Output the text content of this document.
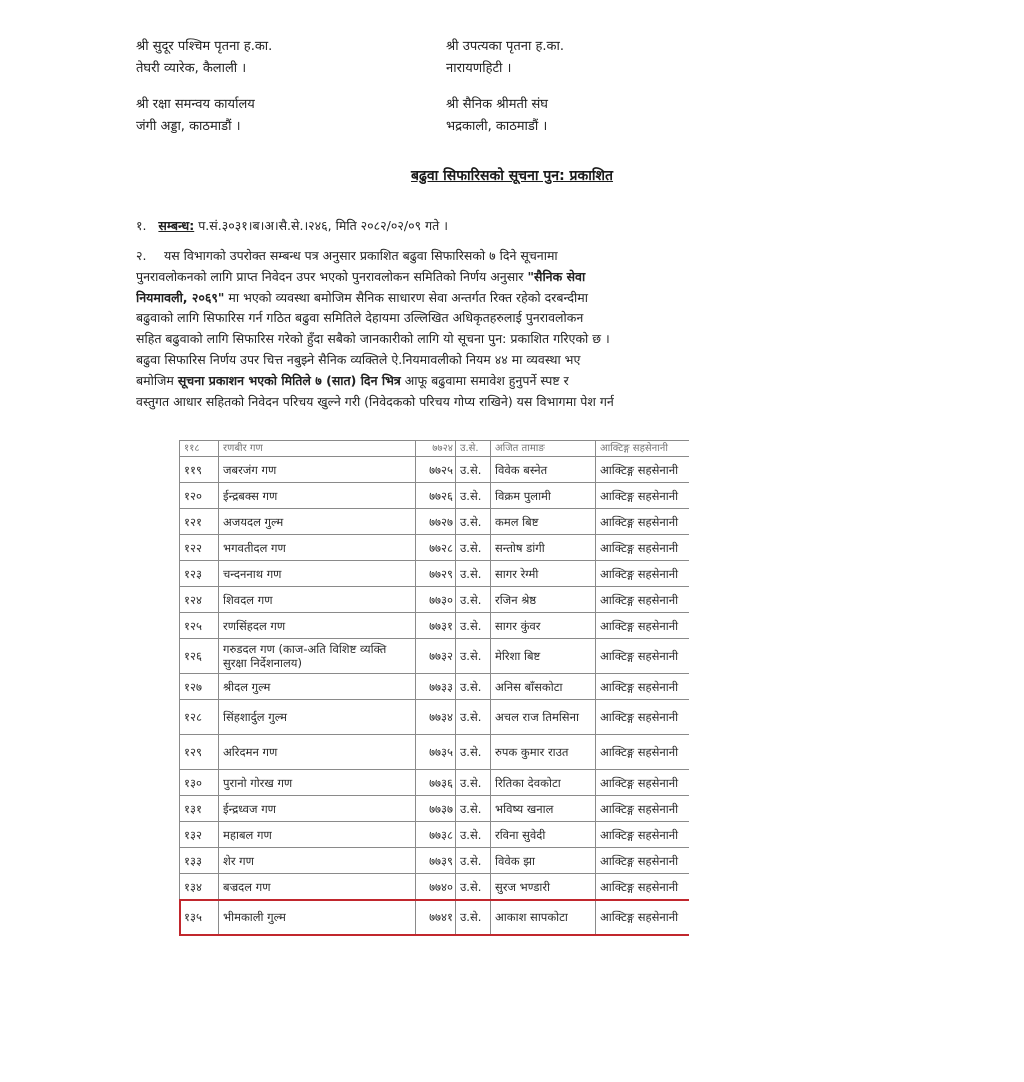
श्री सुदूर पश्चिम पृतना ह.का.
तेघरी व्यारेक, कैलाली ।
श्री उपत्यका पृतना ह.का.
नारायणहिटी ।
श्री रक्षा समन्वय कार्यालय
जंगी अड्डा, काठमाडौं ।
श्री सैनिक श्रीमती संघ
भद्रकाली, काठमाडौं ।
बढुवा सिफारिसको सूचना पुन: प्रकाशित
१. सम्बन्ध: प.सं.३०३१।ब।अ।सै.से.।२४६, मिति २०८२/०२/०९ गते ।
२. यस विभागको उपरोक्त सम्बन्ध पत्र अनुसार प्रकाशित बढुवा सिफारिसको ७ दिने सूचनामा
पुनरावलोकनको लागि प्राप्त निवेदन उपर भएको पुनरावलोकन समितिको निर्णय अनुसार "सैनिक सेवा
नियमावली, २०६९" मा भएको व्यवस्था बमोजिम सैनिक साधारण सेवा अन्तर्गत रिक्त रहेको दरबन्दीमा
बढुवाको लागि सिफारिस गर्न गठित बढुवा समितिले देहायमा उल्लिखित अधिकृतहरुलाई पुनरावलोकन
सहित बढुवाको लागि सिफारिस गरेको हुँदा सबैको जानकारीको लागि यो सूचना पुन: प्रकाशित गरिएको छ ।
बढुवा सिफारिस निर्णय उपर चित्त नबुझ्ने सैनिक व्यक्तिले ऐ.नियमावलीको नियम ४४ मा व्यवस्था भए
बमोजिम सूचना प्रकाशन भएको मितिले ७ (सात) दिन भित्र आफू बढुवामा समावेश हुनुपर्ने स्पष्ट र
वस्तुगत आधार सहितको निवेदन परिचय खुल्ने गरी (निवेदकको परिचय गोप्य राखिने) यस विभागमा पेश गर्न
११८	रणबीर गण	७७२४	उ.से.	अजित तामाङ	आक्टिङ्ग सहसेनानी	
११९	जबरजंग गण	७७२५	उ.से.	विवेक बस्नेत	आक्टिङ्ग सहसेनानी	
१२०	ईन्द्रबक्स गण	७७२६	उ.से.	विक्रम पुलामी	आक्टिङ्ग सहसेनानी	
१२१	अजयदल गुल्म	७७२७	उ.से.	कमल बिष्ट	आक्टिङ्ग सहसेनानी	
१२२	भगवतीदल गण	७७२८	उ.से.	सन्तोष डांगी	आक्टिङ्ग सहसेनानी	
१२३	चन्दननाथ गण	७७२९	उ.से.	सागर रेग्मी	आक्टिङ्ग सहसेनानी	
१२४	शिवदल गण	७७३०	उ.से.	रजिन श्रेष्ठ	आक्टिङ्ग सहसेनानी	
१२५	रणसिंहदल गण	७७३१	उ.से.	सागर कुंवर	आक्टिङ्ग सहसेनानी	
१२६	गरुडदल गण (काज-अति विशिष्ट व्यक्ति सुरक्षा निर्देशनालय)	७७३२	उ.से.	मेरिशा बिष्ट	आक्टिङ्ग सहसेनानी	
१२७	श्रीदल गुल्म	७७३३	उ.से.	अनिस बाँसकोटा	आक्टिङ्ग सहसेनानी	
१२८	सिंहशार्दुल गुल्म	७७३४	उ.से.	अचल राज तिमसिना	आक्टिङ्ग सहसेनानी	
१२९	अरिदमन गण	७७३५	उ.से.	रुपक कुमार राउत	आक्टिङ्ग सहसेनानी	
१३०	पुरानो गोरख गण	७७३६	उ.से.	रितिका देवकोटा	आक्टिङ्ग सहसेनानी	
१३१	ईन्द्रध्वज गण	७७३७	उ.से.	भविष्य खनाल	आक्टिङ्ग सहसेनानी	
१३२	महाबल गण	७७३८	उ.से.	रविना सुवेदी	आक्टिङ्ग सहसेनानी	
१३३	शेर गण	७७३९	उ.से.	विवेक झा	आक्टिङ्ग सहसेनानी	
१३४	बज्रदल गण	७७४०	उ.से.	सुरज भण्डारी	आक्टिङ्ग सहसेनानी	
१३५	भीमकाली गुल्म	७७४१	उ.से.	आकाश सापकोटा	आक्टिङ्ग सहसेनानी	
